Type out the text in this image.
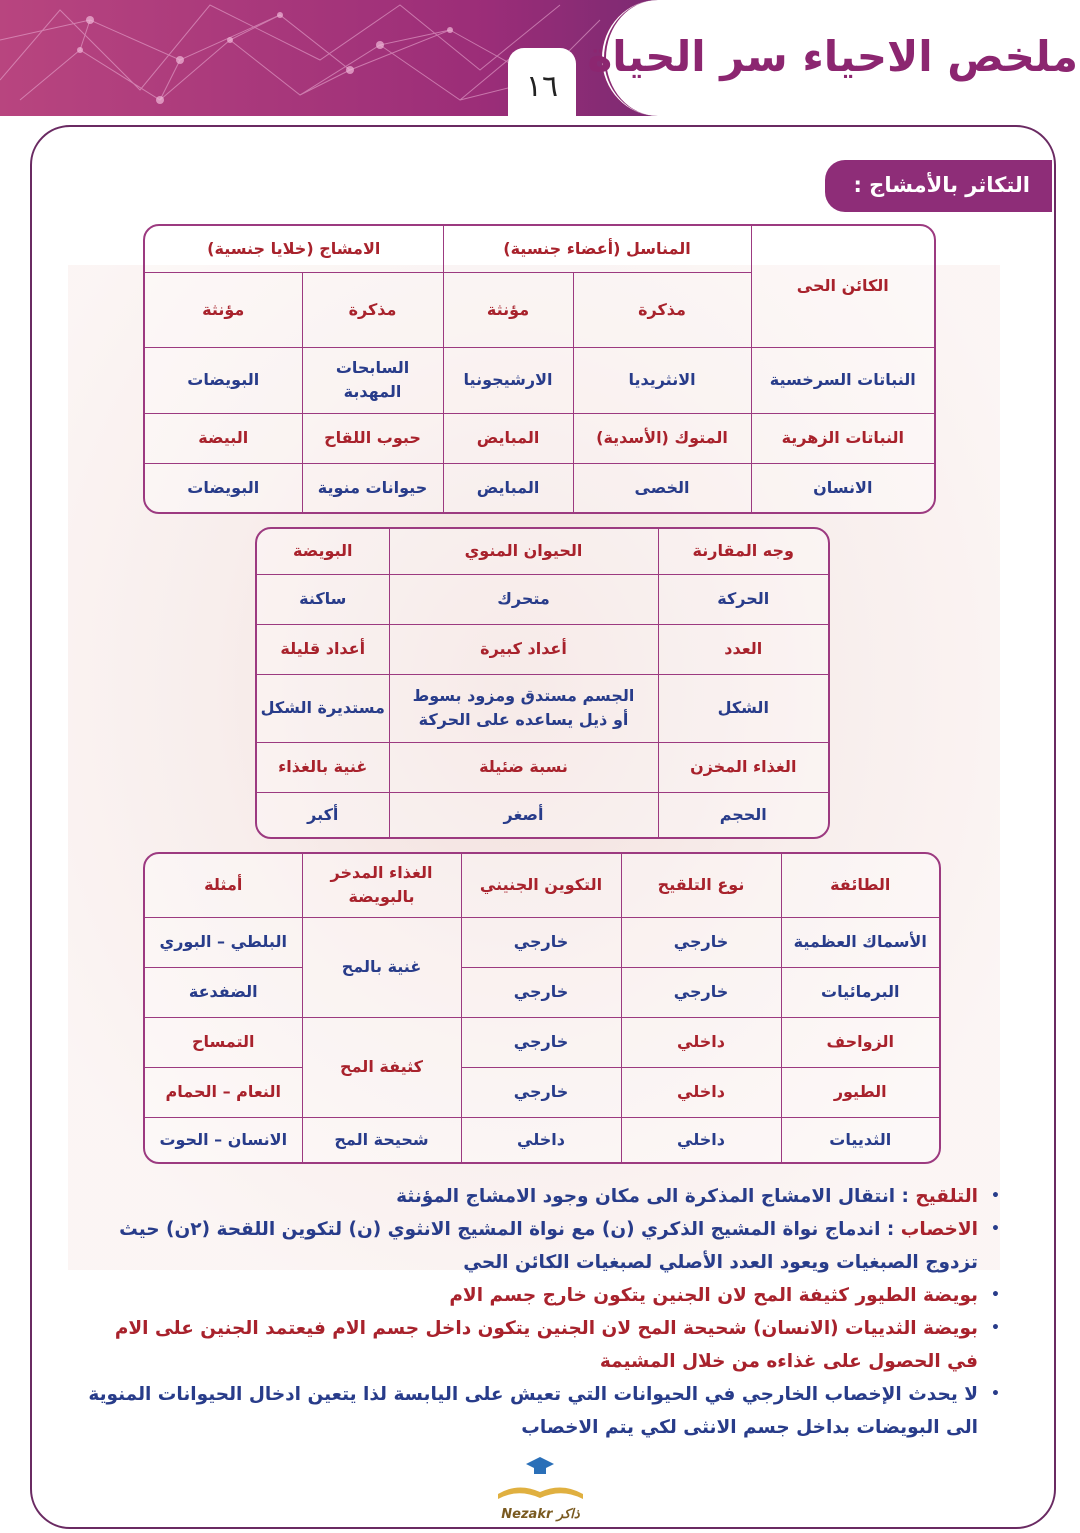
ملخص الاحياء سر الحياة
١٦
التكاثر بالأمشاج :
الكائن الحى	المناسل (أعضاء جنسية)		الامشاج (خلايا جنسية)	
	مذكرة	مؤنثة	مذكرة	مؤنثة
النباتات السرخسية	الانثريديا	الارشيجونيا	السابحات المهدبة	البويضات
النباتات الزهرية	المتوك (الأسدية)	المبايض	حبوب اللقاح	البيضة
الانسان	الخصى	المبايض	حيوانات منوية	البويضات
وجه المقارنة	الحيوان المنوي	البويضة
الحركة	متحرك	ساكنة
العدد	أعداد كبيرة	أعداد قليلة
الشكل	الجسم مستدق ومزود بسوط أو ذيل يساعده على الحركة	مستديرة الشكل
الغذاء المخزن	نسبة ضئيلة	غنية بالغذاء
الحجم	أصغر	أكبر
الطائفة	نوع التلقيح	التكوين الجنيني	الغذاء المدخر بالبويضة	أمثلة
الأسماك العظمية	خارجي	خارجي	غنية بالمح	البلطي – البوري
البرمائيات	خارجي	خارجي		الضفدعة
الزواحف	داخلي	خارجي	كثيفة المح	التمساح
الطيور	داخلي	خارجي		النعام – الحمام
الثدييات	داخلي	داخلي	شحيحة المح	الانسان – الحوت
• التلقيح : انتقال الامشاج المذكرة الى مكان وجود الامشاج المؤنثة
• الاخصاب : اندماج نواة المشيج الذكري (ن) مع نواة المشيج الانثوي (ن) لتكوين اللقحة (٢ن) حيث تزدوج الصبغيات ويعود العدد الأصلي لصبغيات الكائن الحي
• بويضة الطيور كثيفة المح لان الجنين يتكون خارج جسم الام
• بويضة الثدييات (الانسان) شحيحة المح لان الجنين يتكون داخل جسم الام فيعتمد الجنين على الام في الحصول على غذاءه من خلال المشيمة
• لا يحدث الإخصاب الخارجي في الحيوانات التي تعيش على اليابسة لذا يتعين ادخال الحيوانات المنوية الى البويضات بداخل جسم الانثى لكي يتم الاخصاب
Nezakr ذاكر
